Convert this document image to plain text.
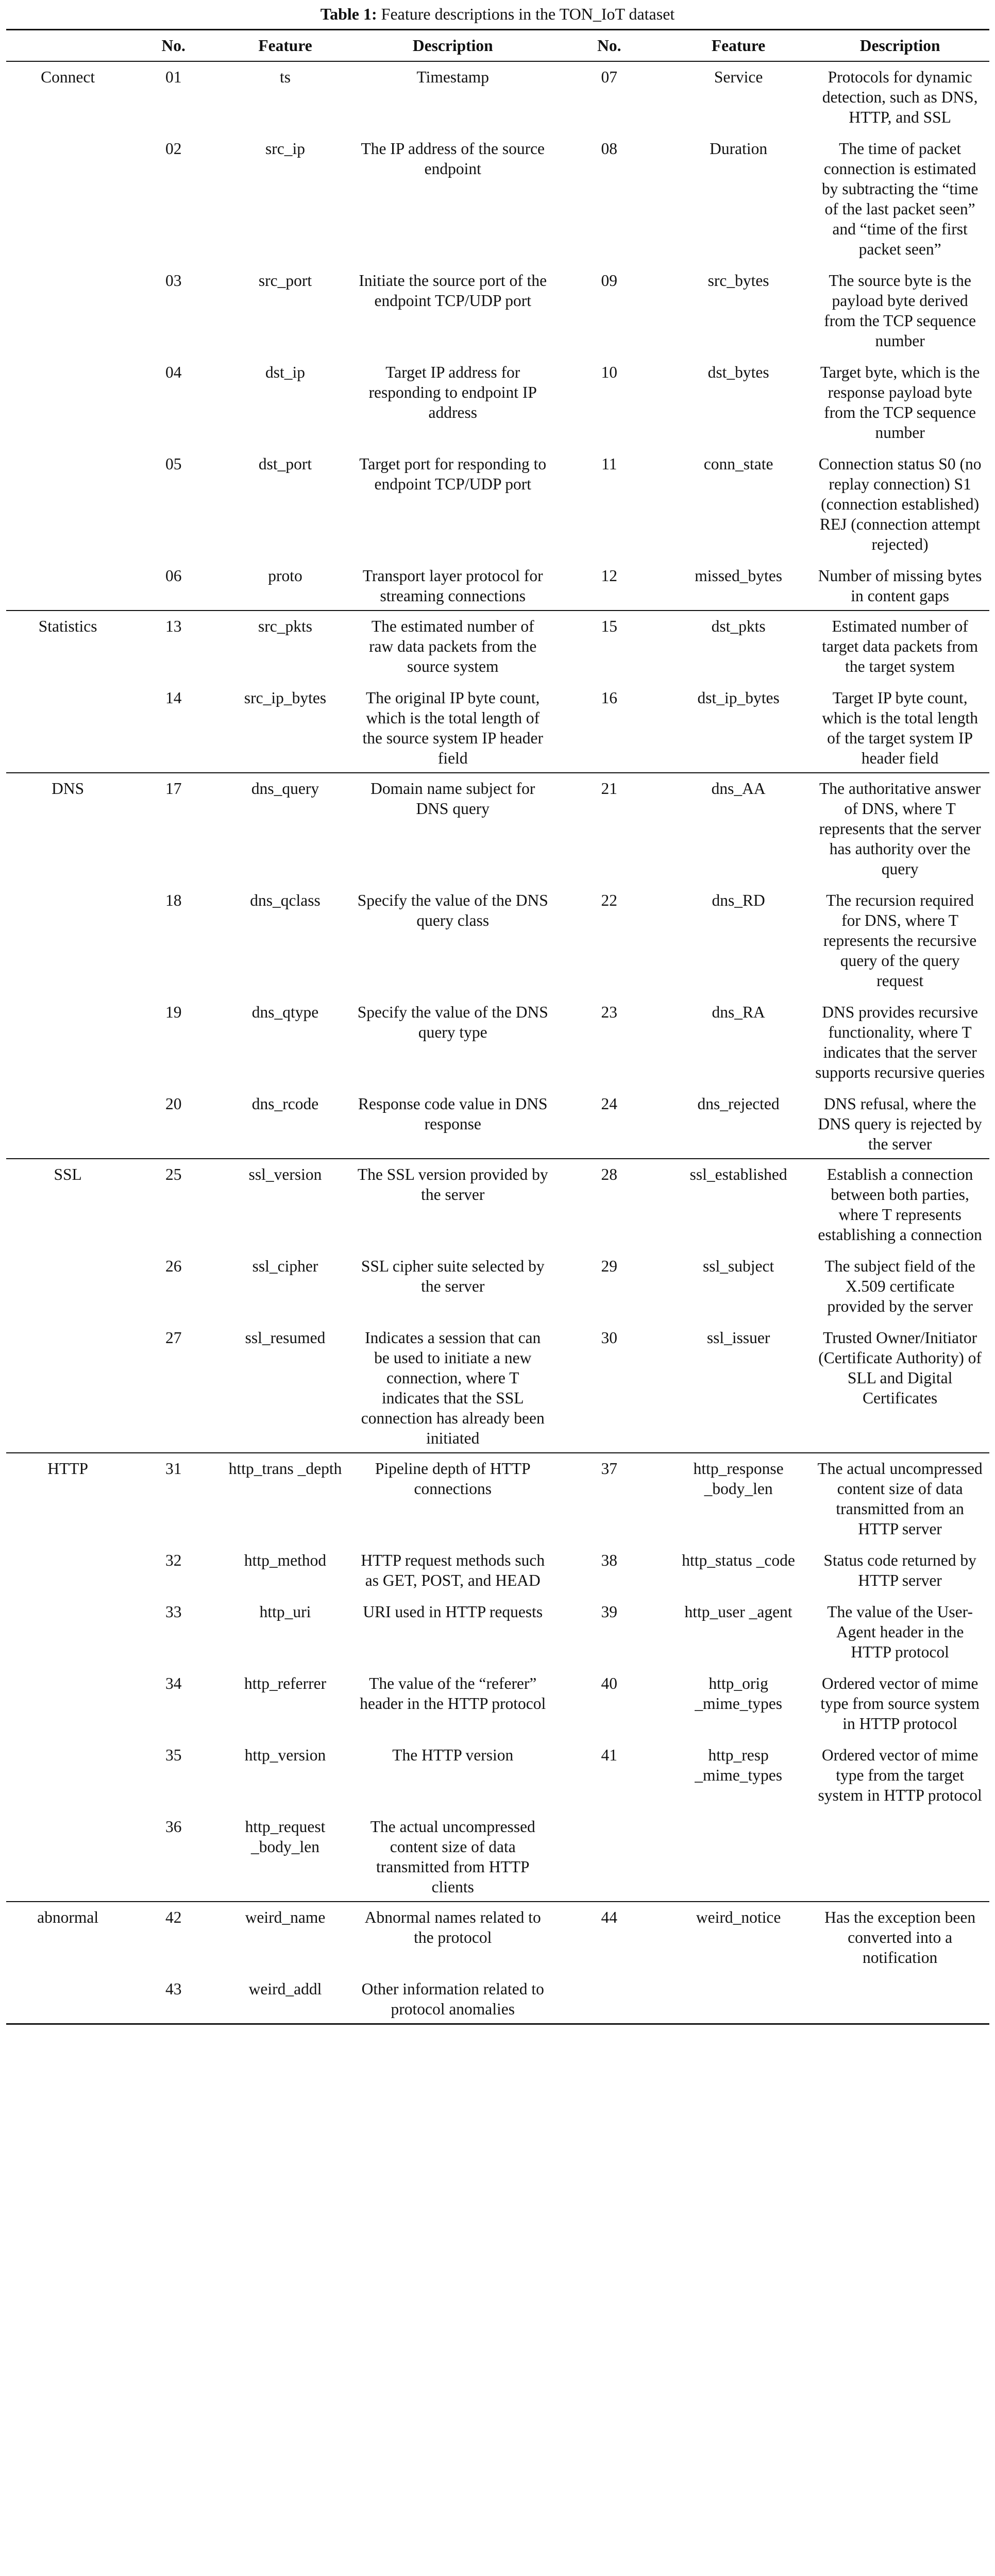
Table 1: Feature descriptions in the TON_IoT dataset
	No.	Feature	Description	No.	Feature	Description
Connect	01	ts	Timestamp	07	Service	Protocols for dynamic detection, such as DNS, HTTP, and SSL
	02	src_ip	The IP address of the source endpoint	08	Duration	The time of packet connection is estimated by subtracting the “time of the last packet seen” and “time of the first packet seen”
	03	src_port	Initiate the source port of the endpoint TCP/UDP port	09	src_bytes	The source byte is the payload byte derived from the TCP sequence number
	04	dst_ip	Target IP address for responding to endpoint IP address	10	dst_bytes	Target byte, which is the response payload byte from the TCP sequence number
	05	dst_port	Target port for responding to endpoint TCP/UDP port	11	conn_state	Connection status S0 (no replay connection) S1 (connection established) REJ (connection attempt rejected)
	06	proto	Transport layer protocol for streaming connections	12	missed_bytes	Number of missing bytes in content gaps
Statistics	13	src_pkts	The estimated number of raw data packets from the source system	15	dst_pkts	Estimated number of target data packets from the target system
	14	src_ip_bytes	The original IP byte count, which is the total length of the source system IP header field	16	dst_ip_bytes	Target IP byte count, which is the total length of the target system IP header field
DNS	17	dns_query	Domain name subject for DNS query	21	dns_AA	The authoritative answer of DNS, where T represents that the server has authority over the query
	18	dns_qclass	Specify the value of the DNS query class	22	dns_RD	The recursion required for DNS, where T represents the recursive query of the query request
	19	dns_qtype	Specify the value of the DNS query type	23	dns_RA	DNS provides recursive functionality, where T indicates that the server supports recursive queries
	20	dns_rcode	Response code value in DNS response	24	dns_rejected	DNS refusal, where the DNS query is rejected by the server
SSL	25	ssl_version	The SSL version provided by the server	28	ssl_established	Establish a connection between both parties, where T represents establishing a connection
	26	ssl_cipher	SSL cipher suite selected by the server	29	ssl_subject	The subject field of the X.509 certificate provided by the server
	27	ssl_resumed	Indicates a session that can be used to initiate a new connection, where T indicates that the SSL connection has already been initiated	30	ssl_issuer	Trusted Owner/Initiator (Certificate Authority) of SLL and Digital Certificates
HTTP	31	http_trans _depth	Pipeline depth of HTTP connections	37	http_response _body_len	The actual uncompressed content size of data transmitted from an HTTP server
	32	http_method	HTTP request methods such as GET, POST, and HEAD	38	http_status _code	Status code returned by HTTP server
	33	http_uri	URI used in HTTP requests	39	http_user _agent	The value of the User-Agent header in the HTTP protocol
	34	http_referrer	The value of the “referer” header in the HTTP protocol	40	http_orig _mime_types	Ordered vector of mime type from source system in HTTP protocol
	35	http_version	The HTTP version	41	http_resp _mime_types	Ordered vector of mime type from the target system in HTTP protocol
	36	http_request _body_len	The actual uncompressed content size of data transmitted from HTTP clients			
abnormal	42	weird_name	Abnormal names related to the protocol	44	weird_notice	Has the exception been converted into a notification
	43	weird_addl	Other information related to protocol anomalies			
